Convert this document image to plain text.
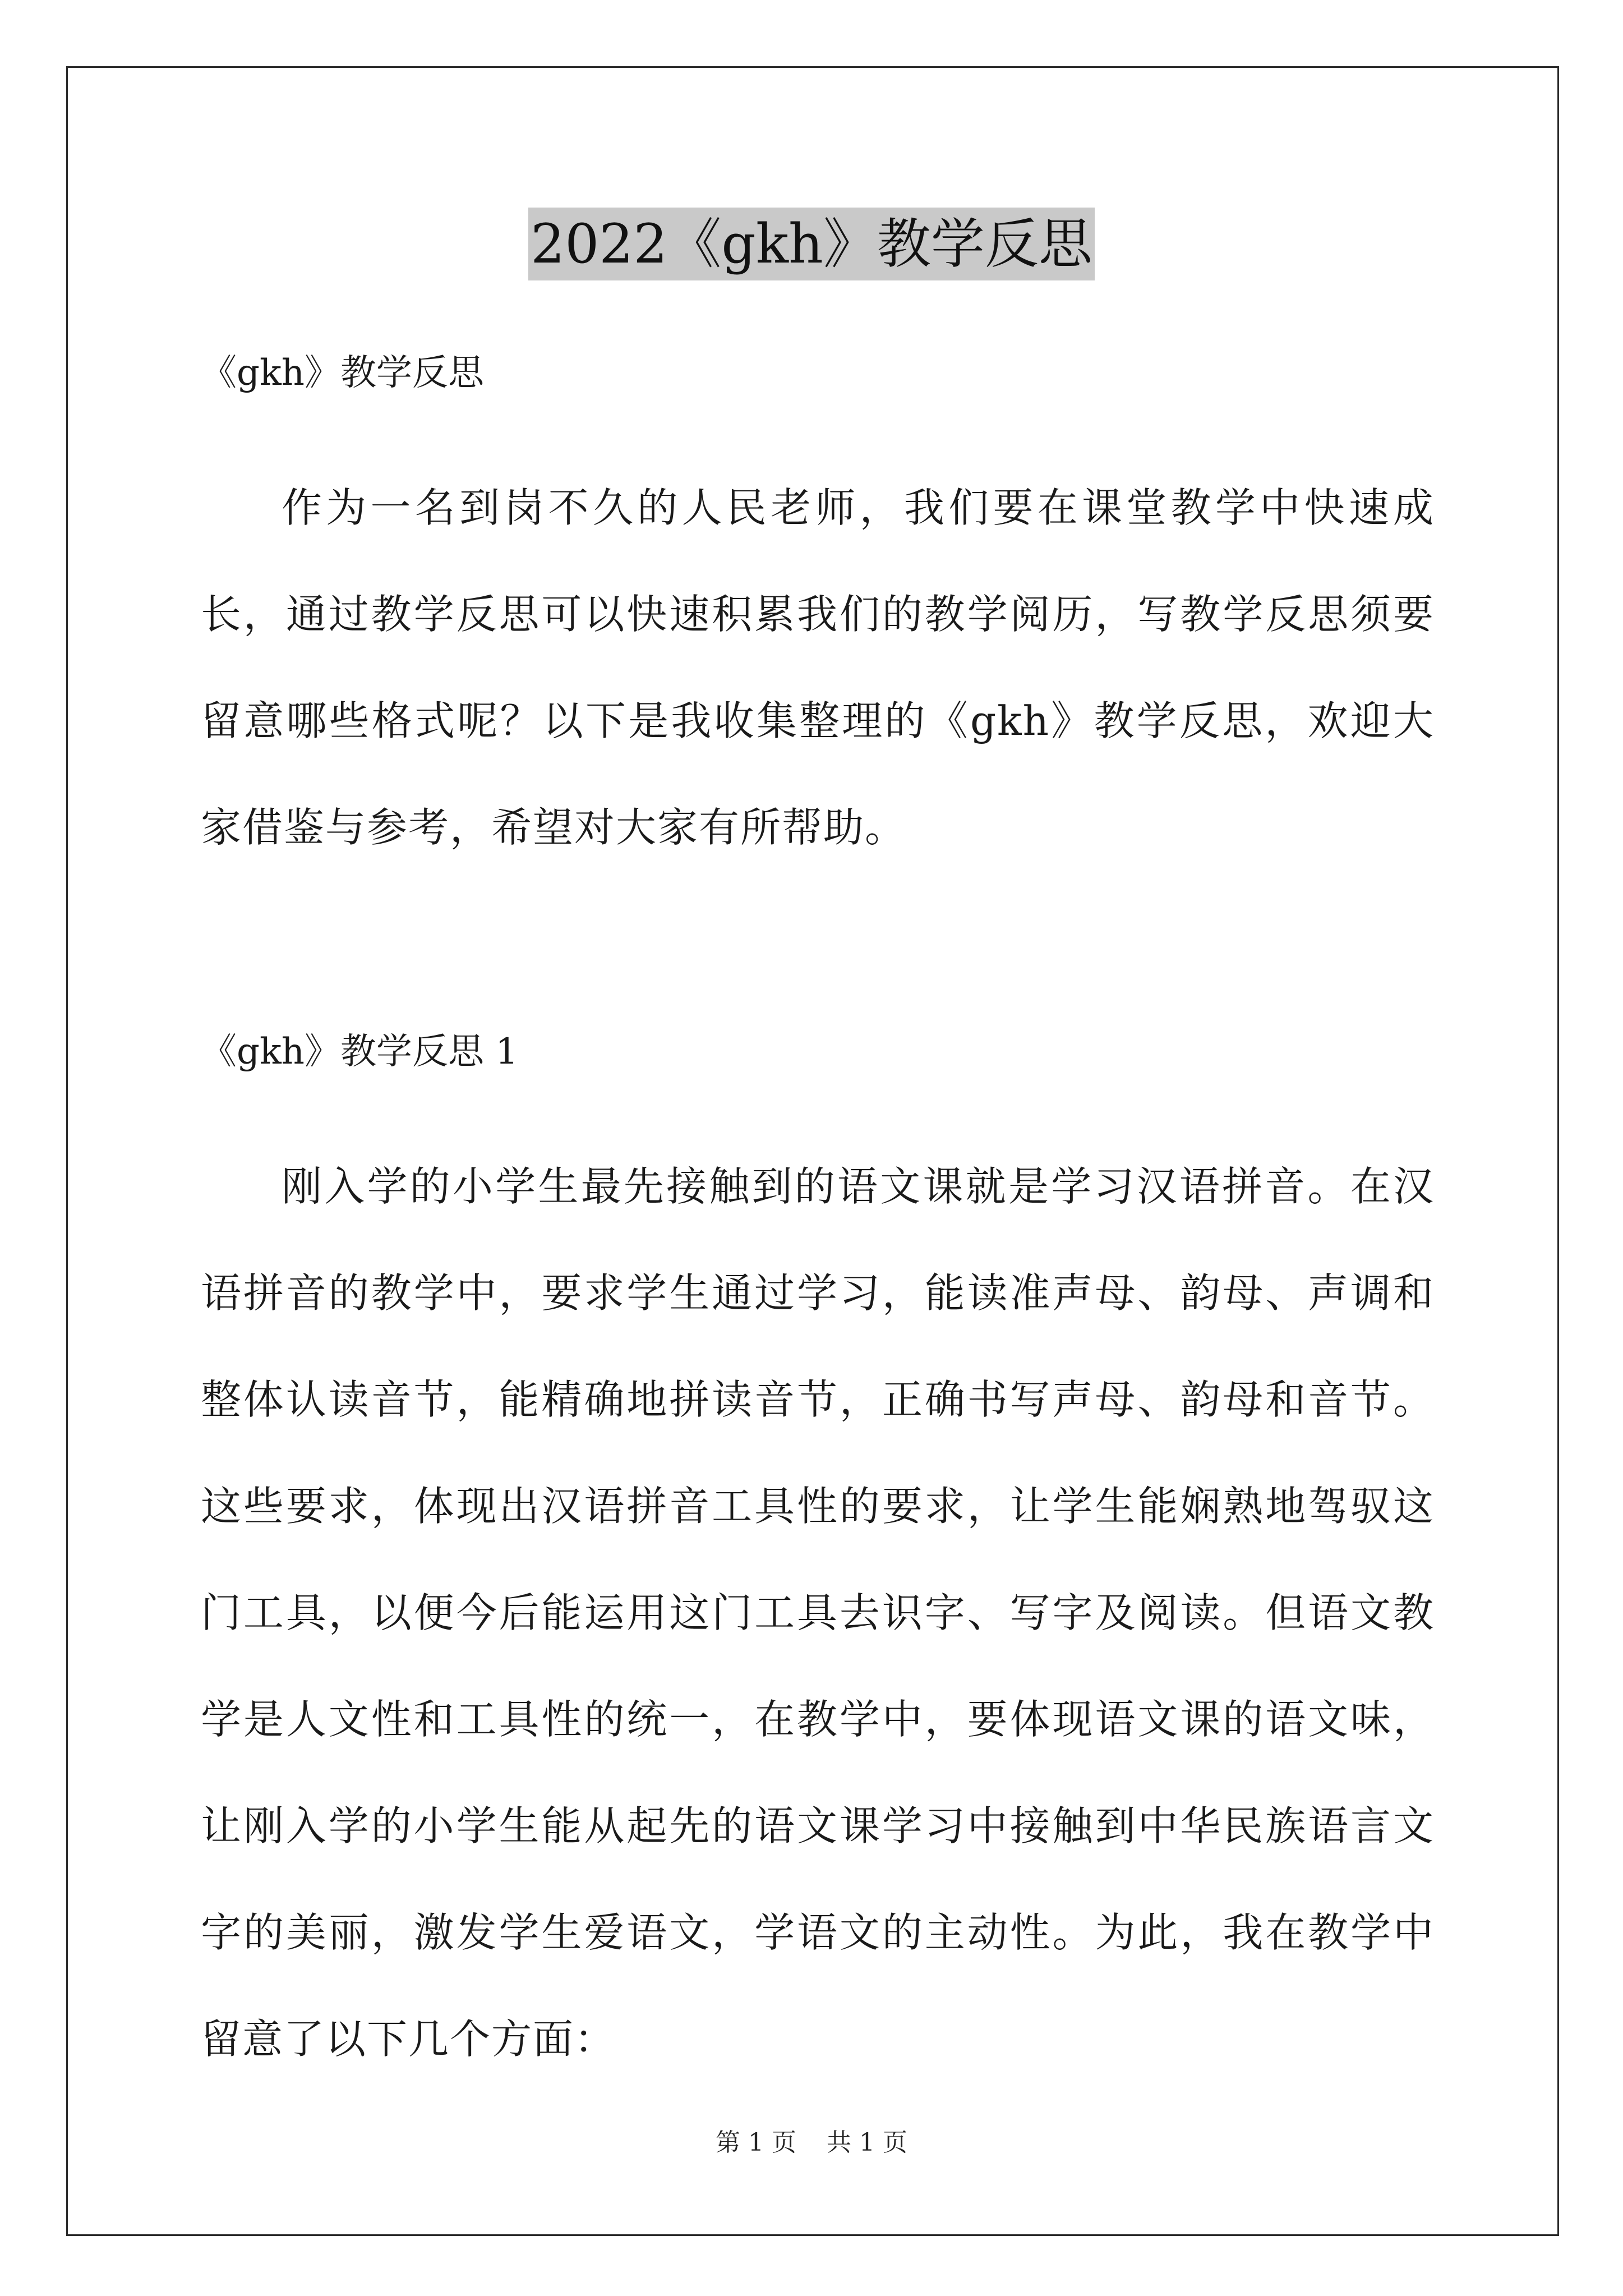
2022《gkh》教学反思

《gkh》教学反思

作为一名到岗不久的人民老师，我们要在课堂教学中快速成长，通过教学反思可以快速积累我们的教学阅历，写教学反思须要留意哪些格式呢？以下是我收集整理的《gkh》教学反思，欢迎大家借鉴与参考，希望对大家有所帮助。

《gkh》教学反思 1

刚入学的小学生最先接触到的语文课就是学习汉语拼音。在汉语拼音的教学中，要求学生通过学习，能读准声母、韵母、声调和整体认读音节，能精确地拼读音节，正确书写声母、韵母和音节。这些要求，体现出汉语拼音工具性的要求，让学生能娴熟地驾驭这门工具，以便今后能运用这门工具去识字、写字及阅读。但语文教学是人文性和工具性的统一，在教学中，要体现语文课的语文味，让刚入学的小学生能从起先的语文课学习中接触到中华民族语言文字的美丽，激发学生爱语文，学语文的主动性。为此，我在教学中留意了以下几个方面：

第 1 页 共 1 页
